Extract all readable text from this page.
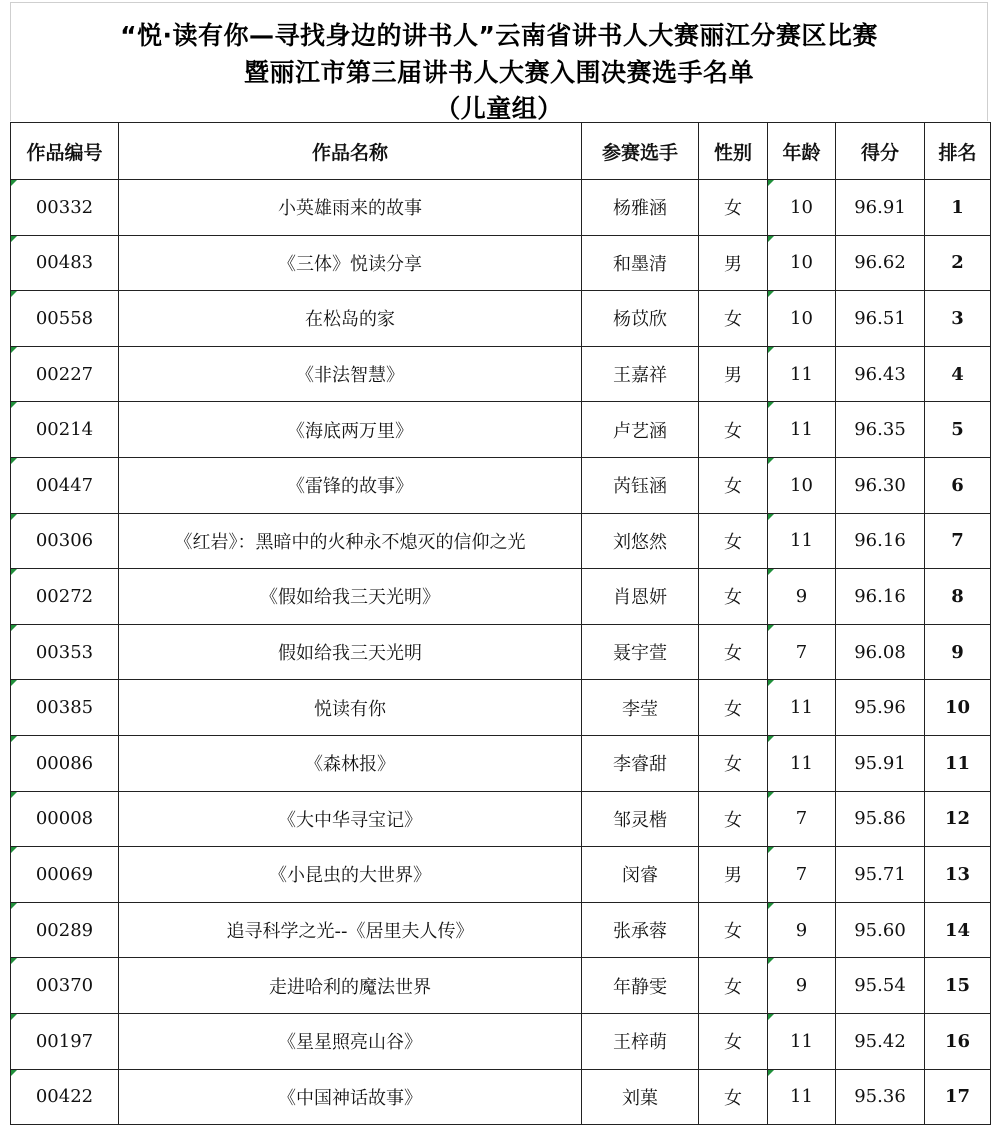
“悦·读有你—寻找身边的讲书人”云南省讲书人大赛丽江分赛区比赛
暨丽江市第三届讲书人大赛入围决赛选手名单
（儿童组）
作品编号	作品名称	参赛选手	性别	年龄	得分	排名
00332	小英雄雨来的故事	杨雅涵	女	10	96.91	1
00483	《三体》悦读分享	和墨清	男	10	96.62	2
00558	在松岛的家	杨苡欣	女	10	96.51	3
00227	《非法智慧》	王嘉祥	男	11	96.43	4
00214	《海底两万里》	卢艺涵	女	11	96.35	5
00447	《雷锋的故事》	芮钰涵	女	10	96.30	6
00306	《红岩》：黑暗中的火种永不熄灭的信仰之光	刘悠然	女	11	96.16	7
00272	《假如给我三天光明》	肖恩妍	女	9	96.16	8
00353	假如给我三天光明	聂宇萱	女	7	96.08	9
00385	悦读有你	李莹	女	11	95.96	10
00086	《森林报》	李睿甜	女	11	95.91	11
00008	《大中华寻宝记》	邹灵楷	女	7	95.86	12
00069	《小昆虫的大世界》	闵睿	男	7	95.71	13
00289	追寻科学之光--《居里夫人传》	张承蓉	女	9	95.60	14
00370	走进哈利的魔法世界	年静雯	女	9	95.54	15
00197	《星星照亮山谷》	王梓萌	女	11	95.42	16
00422	《中国神话故事》	刘菓	女	11	95.36	17
